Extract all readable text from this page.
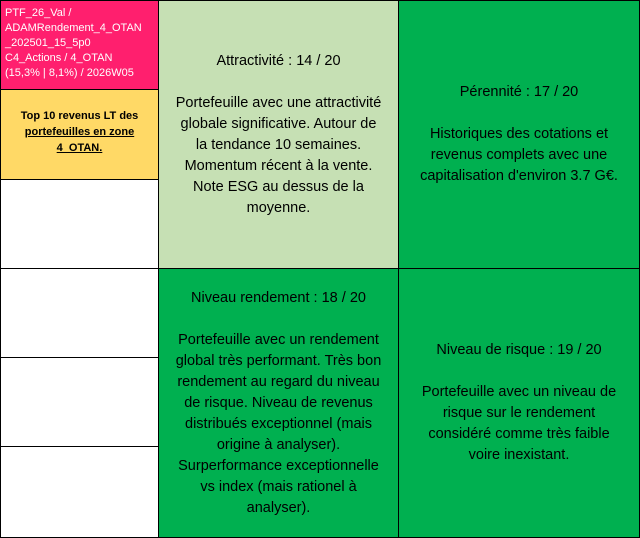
PTF_26_Val /
ADAMRendement_4_OTAN
_202501_15_5p0
C4_Actions / 4_OTAN
(15,3% | 8,1%) / 2026W05
Top 10 revenus LT des
portefeuilles en zone
4_OTAN.
Attractivité : 14 / 20
Portefeuille avec une attractivité
globale significative. Autour de
la tendance 10 semaines.
Momentum récent à la vente.
Note ESG au dessus de la
moyenne.
Pérennité : 17 / 20
Historiques des cotations et
revenus complets avec une
capitalisation d'environ 3.7 G€.
Niveau rendement : 18 / 20
Portefeuille avec un rendement
global très performant. Très bon
rendement au regard du niveau
de risque. Niveau de revenus
distribués exceptionnel (mais
origine à analyser).
Surperformance exceptionnelle
vs index (mais rationel à
analyser).
Niveau de risque : 19 / 20
Portefeuille avec un niveau de
risque sur le rendement
considéré comme très faible
voire inexistant.
